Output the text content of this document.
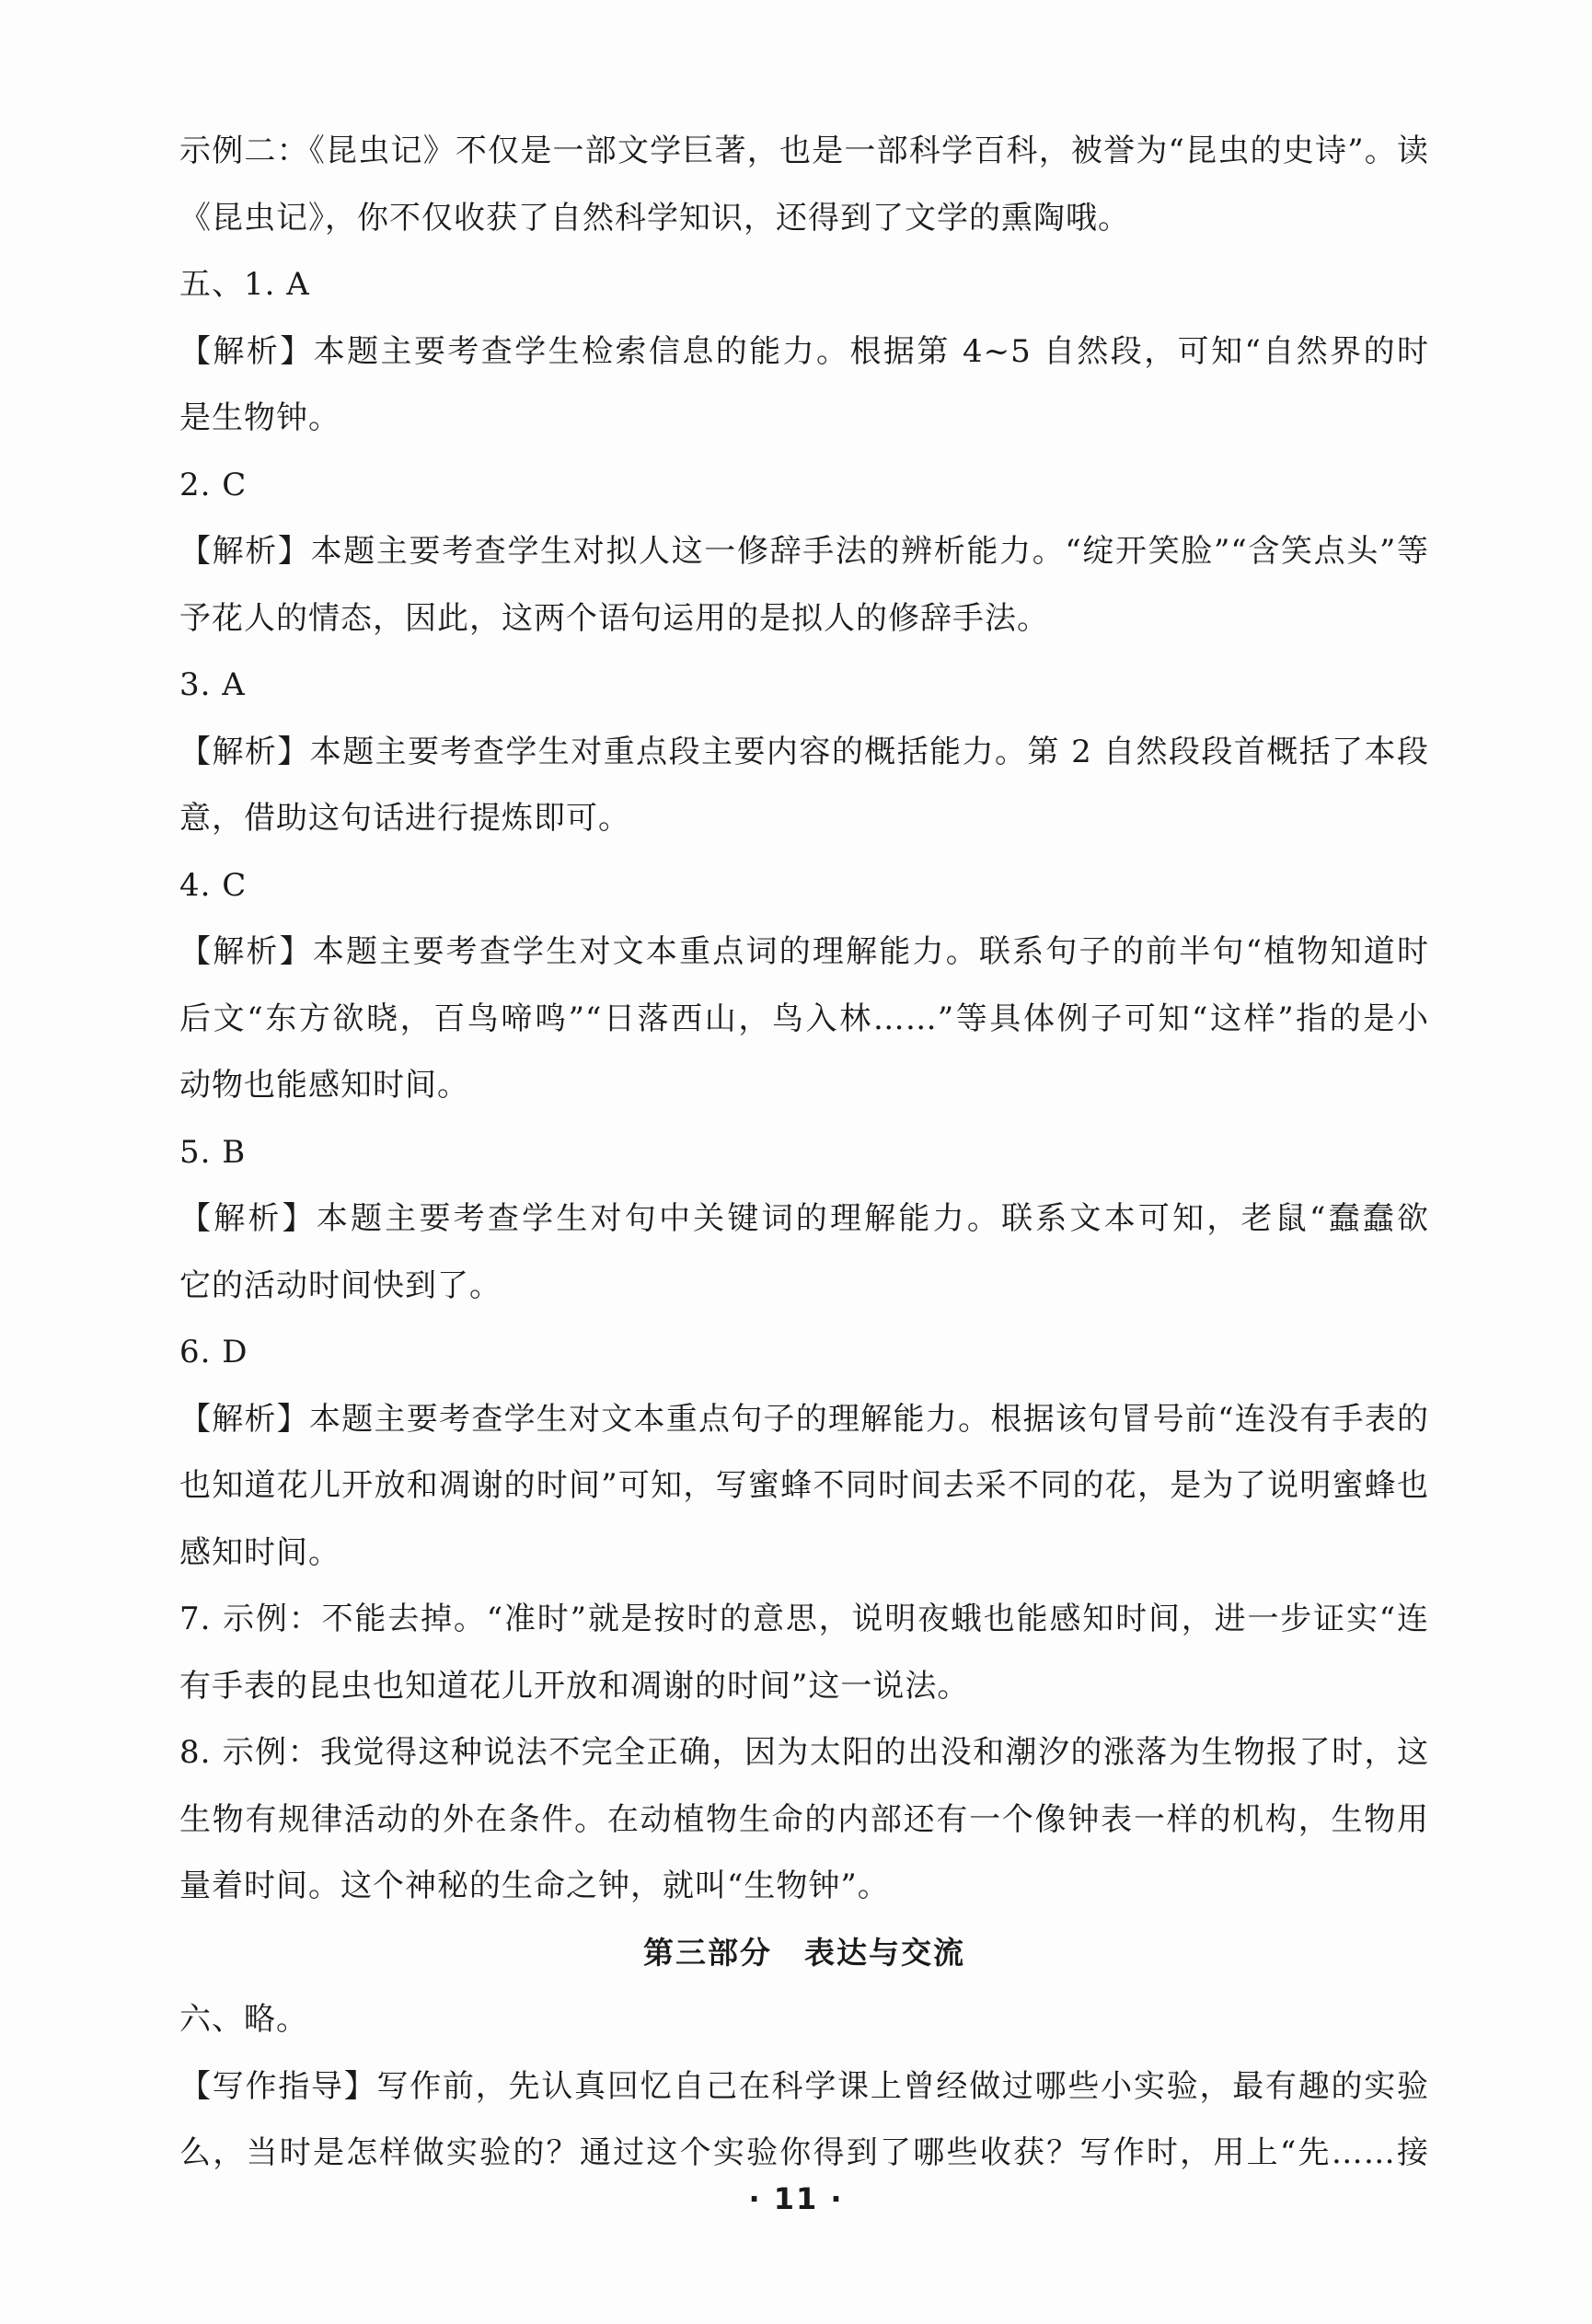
示例二：《昆虫记》不仅是一部文学巨著，也是一部科学百科，被誉为“昆虫的史诗”。读
《昆虫记》，你不仅收获了自然科学知识，还得到了文学的熏陶哦。
五、1. A
【解析】本题主要考查学生检索信息的能力。根据第 4~5 自然段，可知“自然界的时
是生物钟。
2. C
【解析】本题主要考查学生对拟人这一修辞手法的辨析能力。“绽开笑脸”“含笑点头”等
予花人的情态，因此，这两个语句运用的是拟人的修辞手法。
3. A
【解析】本题主要考查学生对重点段主要内容的概括能力。第 2 自然段段首概括了本段
意，借助这句话进行提炼即可。
4. C
【解析】本题主要考查学生对文本重点词的理解能力。联系句子的前半句“植物知道时
后文“东方欲晓，百鸟啼鸣”“日落西山，鸟入林……”等具体例子可知“这样”指的是小
动物也能感知时间。
5. B
【解析】本题主要考查学生对句中关键词的理解能力。联系文本可知，老鼠“蠢蠢欲
它的活动时间快到了。
6. D
【解析】本题主要考查学生对文本重点句子的理解能力。根据该句冒号前“连没有手表的
也知道花儿开放和凋谢的时间”可知，写蜜蜂不同时间去采不同的花，是为了说明蜜蜂也
感知时间。
7. 示例：不能去掉。“准时”就是按时的意思，说明夜蛾也能感知时间，进一步证实“连
有手表的昆虫也知道花儿开放和凋谢的时间”这一说法。
8. 示例：我觉得这种说法不完全正确，因为太阳的出没和潮汐的涨落为生物报了时，这
生物有规律活动的外在条件。在动植物生命的内部还有一个像钟表一样的机构，生物用
量着时间。这个神秘的生命之钟，就叫“生物钟”。
第三部分　表达与交流
六、略。
【写作指导】写作前，先认真回忆自己在科学课上曾经做过哪些小实验，最有趣的实验
么，当时是怎样做实验的？通过这个实验你得到了哪些收获？写作时，用上“先……接
· 11 ·
